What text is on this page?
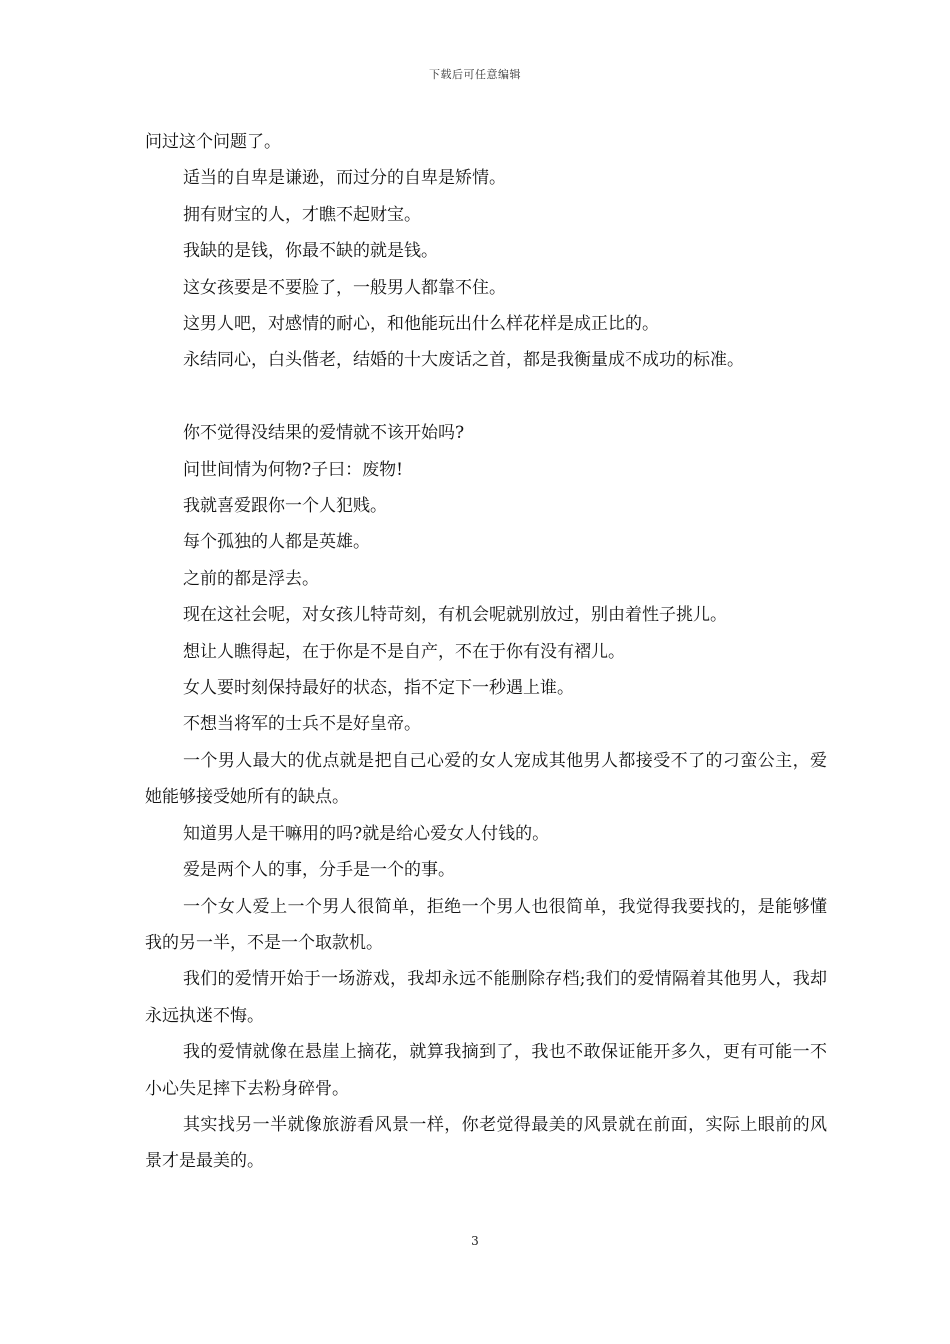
下载后可任意编辑

问过这个问题了。

适当的自卑是谦逊，而过分的自卑是矫情。

拥有财宝的人，才瞧不起财宝。

我缺的是钱，你最不缺的就是钱。

这女孩要是不要脸了，一般男人都靠不住。

这男人吧，对感情的耐心，和他能玩出什么样花样是成正比的。

永结同心，白头偕老，结婚的十大废话之首，都是我衡量成不成功的标准。

你不觉得没结果的爱情就不该开始吗?

问世间情为何物?子曰：废物!

我就喜爱跟你一个人犯贱。

每个孤独的人都是英雄。

之前的都是浮去。

现在这社会呢，对女孩儿特苛刻，有机会呢就别放过，别由着性子挑儿。

想让人瞧得起，在于你是不是自产，不在于你有没有褶儿。

女人要时刻保持最好的状态，指不定下一秒遇上谁。

不想当将军的士兵不是好皇帝。

一个男人最大的优点就是把自己心爱的女人宠成其他男人都接受不了的刁蛮公主，爱她能够接受她所有的缺点。

知道男人是干嘛用的吗?就是给心爱女人付钱的。

爱是两个人的事，分手是一个的事。

一个女人爱上一个男人很简单，拒绝一个男人也很简单，我觉得我要找的，是能够懂我的另一半，不是一个取款机。

我们的爱情开始于一场游戏，我却永远不能删除存档;我们的爱情隔着其他男人，我却永远执迷不悔。

我的爱情就像在悬崖上摘花，就算我摘到了，我也不敢保证能开多久，更有可能一不小心失足摔下去粉身碎骨。

其实找另一半就像旅游看风景一样，你老觉得最美的风景就在前面，实际上眼前的风景才是最美的。

3
